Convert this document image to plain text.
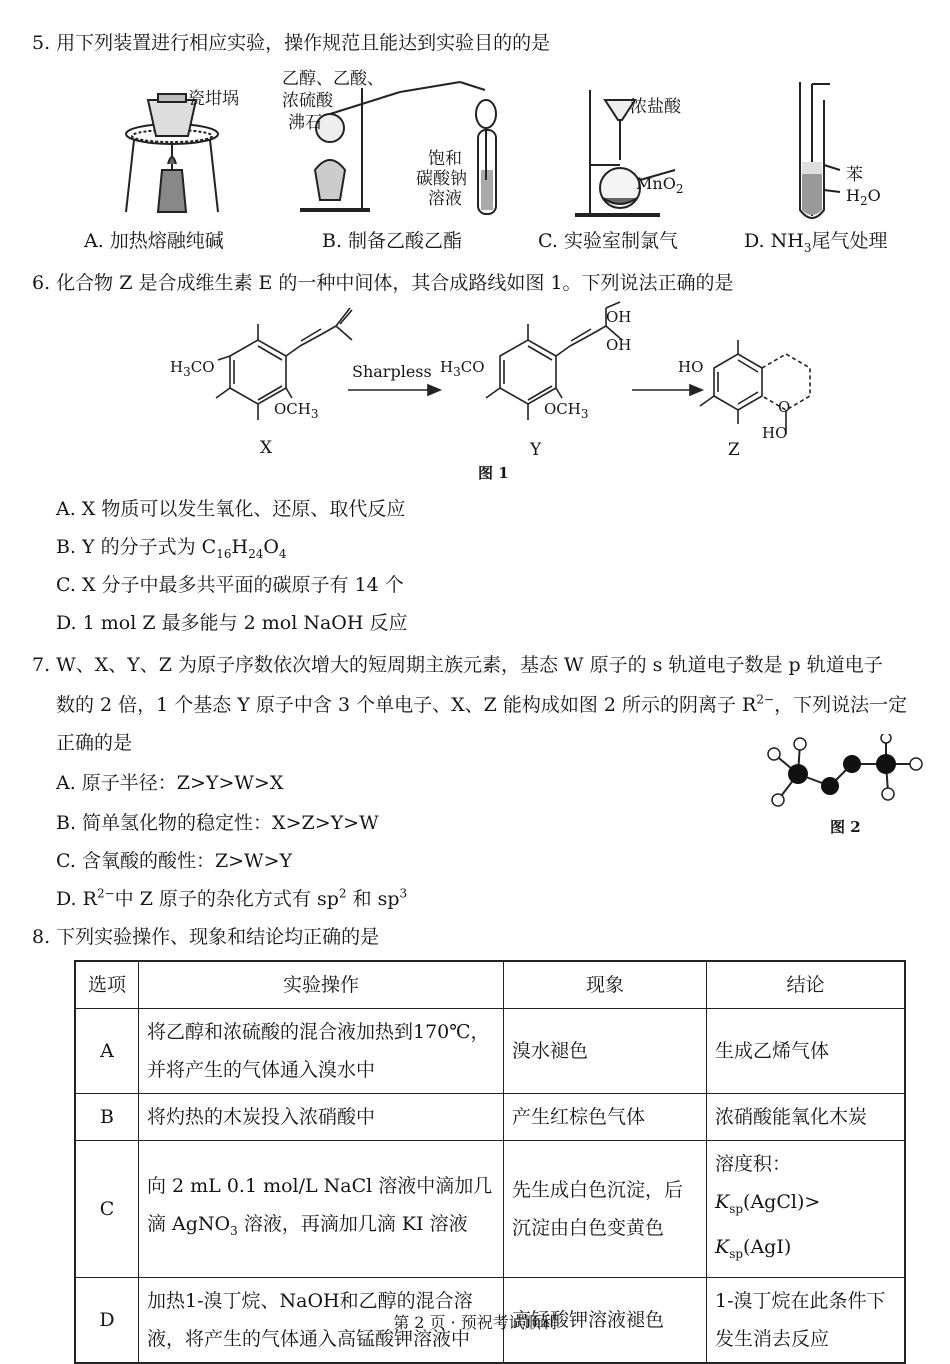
5. 用下列装置进行相应实验，操作规范且能达到实验目的的是
瓷坩埚
乙醇、乙酸、
浓硫酸
沸石
饱和
碳酸钠
溶液
浓盐酸
MnO$_2$
苯
$H_2O$
A. 加热熔融纯碱	B. 制备乙酸乙酯	C. 实验室制氯气	D. $NH_3$尾气处理
6. 化合物 Z 是合成维生素 E 的一种中间体，其合成路线如图 1。下列说法正确的是
$H_3CO$
$OCH_3$
X
Sharpless $H_3CO$
$OCH_3$
OH
OH
Y
HO
O
HO
Z
图 1
A. X 物质可以发生氧化、还原、取代反应
B. Y 的分子式为 $C_{16}H_{24}O_4$
C. X 分子中最多共平面的碳原子有 14 个
D. 1 mol Z 最多能与 2 mol NaOH 反应
7. W、X、Y、Z 为原子序数依次增大的短周期主族元素，基态 W 原子的 s 轨道电子数是 p 轨道电子
数的 2 倍，1 个基态 Y 原子中含 3 个单电子、X、Z 能构成如图 2 所示的阴离子 $R^{2-}$，下列说法一定
正确的是
图 2
A. 原子半径：Z>Y>W>X
B. 简单氢化物的稳定性：X>Z>Y>W
C. 含氧酸的酸性：Z>W>Y
D. $R^{2-}$中 Z 原子的杂化方式有 $sp^2$ 和 $sp^3$
8. 下列实验操作、现象和结论均正确的是
选项	实验操作	现象	结论
A	将乙醇和浓硫酸的混合液加热到170℃，并将产生的气体通入溴水中	溴水褪色	生成乙烯气体
B	将灼热的木炭投入浓硝酸中	产生红棕色气体	浓硝酸能氧化木炭
C	向 2 mL 0.1 mol/L NaCl 溶液中滴加几滴 AgNO$_3$ 溶液，再滴加几滴 KI 溶液	先生成白色沉淀，后沉淀由白色变黄色	溶度积：$K_{sp}(AgCl)>$
$K_{sp}(AgI)$
D	加热1-溴丁烷、NaOH和乙醇的混合溶液，将产生的气体通入高锰酸钾溶液中	高锰酸钾溶液褪色	1-溴丁烷在此条件下发生消去反应
第 2 页 · 预祝考试顺利
